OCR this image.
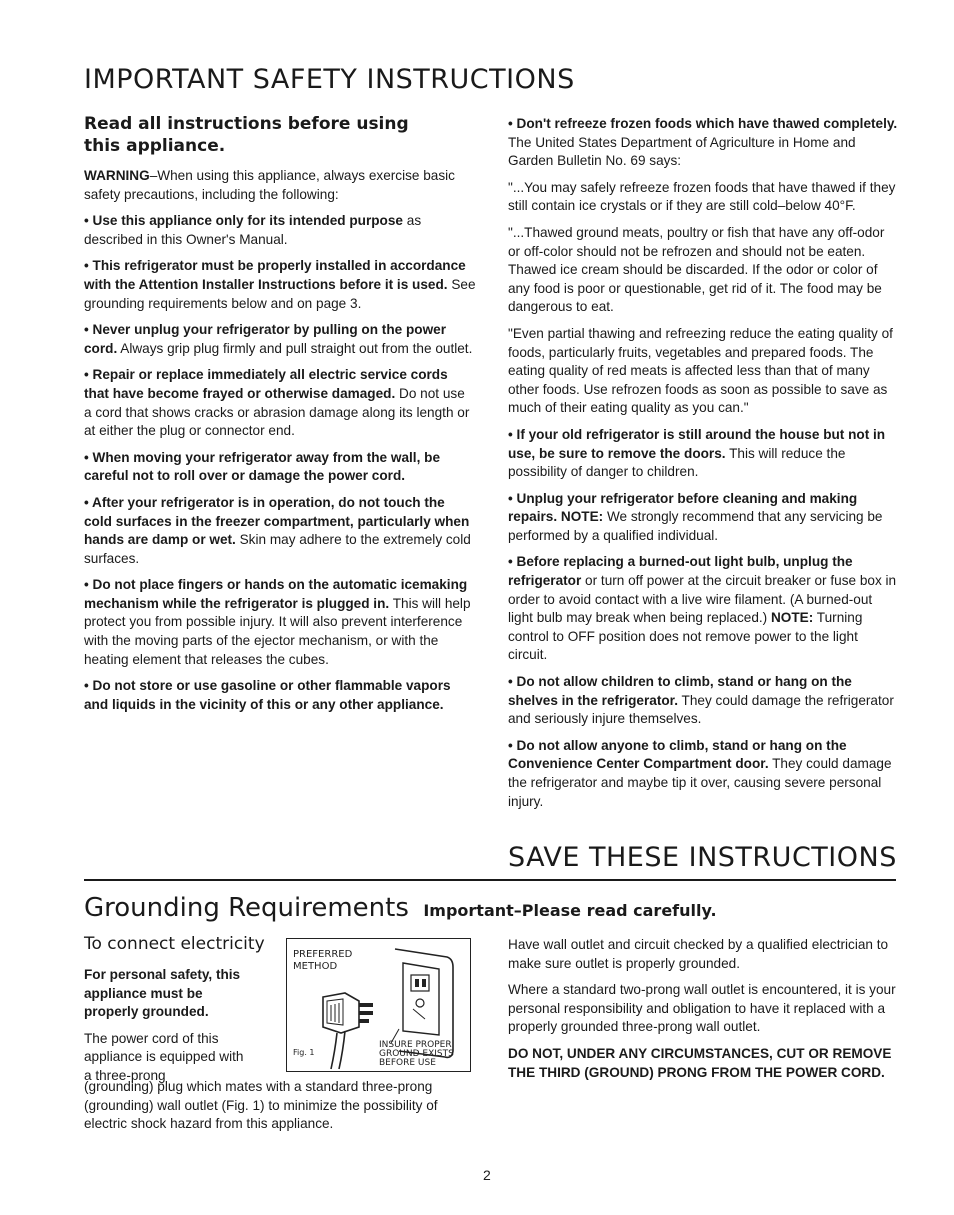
IMPORTANT SAFETY INSTRUCTIONS
Read all instructions before using this appliance.

WARNING–When using this appliance, always exercise basic safety precautions, including the following:

• Use this appliance only for its intended purpose as described in this Owner's Manual.

• This refrigerator must be properly installed in accordance with the Attention Installer Instructions before it is used. See grounding requirements below and on page 3.

• Never unplug your refrigerator by pulling on the power cord. Always grip plug firmly and pull straight out from the outlet.

• Repair or replace immediately all electric service cords that have become frayed or otherwise damaged. Do not use a cord that shows cracks or abrasion damage along its length or at either the plug or connector end.

• When moving your refrigerator away from the wall, be careful not to roll over or damage the power cord.

• After your refrigerator is in operation, do not touch the cold surfaces in the freezer compartment, particularly when hands are damp or wet. Skin may adhere to the extremely cold surfaces.

• Do not place fingers or hands on the automatic icemaking mechanism while the refrigerator is plugged in. This will help protect you from possible injury. It will also prevent interference with the moving parts of the ejector mechanism, or with the heating element that releases the cubes.

• Do not store or use gasoline or other flammable vapors and liquids in the vicinity of this or any other appliance.

• Don't refreeze frozen foods which have thawed completely. The United States Department of Agriculture in Home and Garden Bulletin No. 69 says:

"...You may safely refreeze frozen foods that have thawed if they still contain ice crystals or if they are still cold–below 40°F.

"...Thawed ground meats, poultry or fish that have any off-odor or off-color should not be refrozen and should not be eaten. Thawed ice cream should be discarded. If the odor or color of any food is poor or questionable, get rid of it. The food may be dangerous to eat.

"Even partial thawing and refreezing reduce the eating quality of foods, particularly fruits, vegetables and prepared foods. The eating quality of red meats is affected less than that of many other foods. Use refrozen foods as soon as possible to save as much of their eating quality as you can."

• If your old refrigerator is still around the house but not in use, be sure to remove the doors. This will reduce the possibility of danger to children.

• Unplug your refrigerator before cleaning and making repairs. NOTE: We strongly recommend that any servicing be performed by a qualified individual.

• Before replacing a burned-out light bulb, unplug the refrigerator or turn off power at the circuit breaker or fuse box in order to avoid contact with a live wire filament. (A burned-out light bulb may break when being replaced.) NOTE: Turning control to OFF position does not remove power to the light circuit.

• Do not allow children to climb, stand or hang on the shelves in the refrigerator. They could damage the refrigerator and seriously injure themselves.

• Do not allow anyone to climb, stand or hang on the Convenience Center Compartment door. They could damage the refrigerator and maybe tip it over, causing severe personal injury.

SAVE THESE INSTRUCTIONS
Grounding Requirements Important–Please read carefully.
To connect electricity

For personal safety, this appliance must be properly grounded.

The power cord of this appliance is equipped with a three-prong

(grounding) plug which mates with a standard three-prong (grounding) wall outlet (Fig. 1) to minimize the possibility of electric shock hazard from this appliance.
PREFERRED
METHOD
Fig. 1
INSURE PROPER
GROUND EXISTS
BEFORE USE

Have wall outlet and circuit checked by a qualified electrician to make sure outlet is properly grounded.

Where a standard two-prong wall outlet is encountered, it is your personal responsibility and obligation to have it replaced with a properly grounded three-prong wall outlet.

DO NOT, UNDER ANY CIRCUMSTANCES, CUT OR REMOVE THE THIRD (GROUND) PRONG FROM THE POWER CORD.

2
